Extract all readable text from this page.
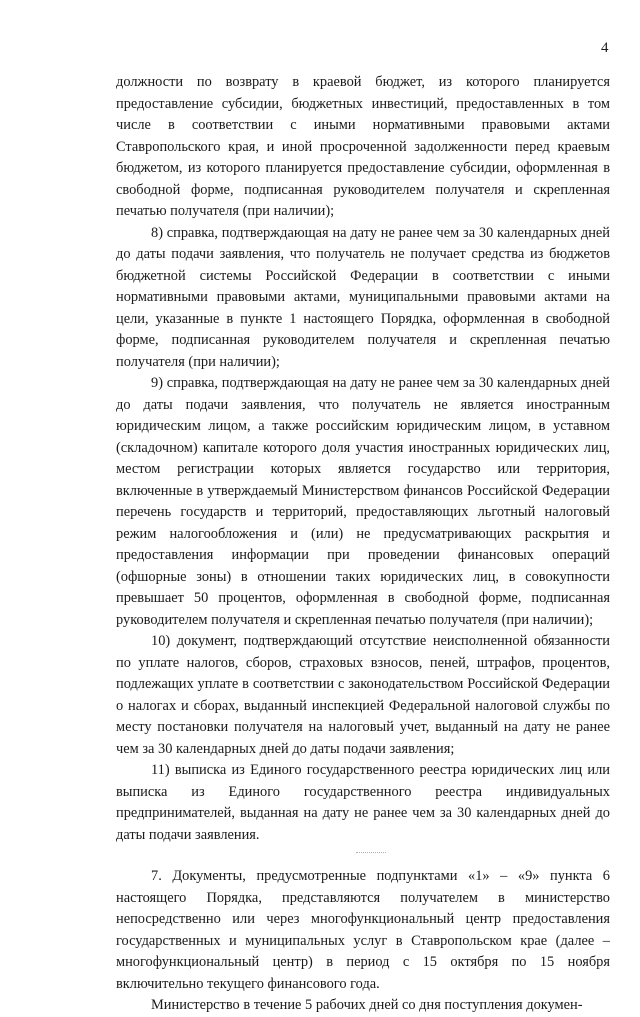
4

должности по возврату в краевой бюджет, из которого планируется предоставление субсидии, бюджетных инвестиций, предоставленных в том числе в соответствии с иными нормативными правовыми актами Ставропольского края, и иной просроченной задолженности перед краевым бюджетом, из которого планируется предоставление субсидии, оформленная в свободной форме, подписанная руководителем получателя и скрепленная печатью получателя (при наличии);

8) справка, подтверждающая на дату не ранее чем за 30 календарных дней до даты подачи заявления, что получатель не получает средства из бюджетов бюджетной системы Российской Федерации в соответствии с иными нормативными правовыми актами, муниципальными правовыми актами на цели, указанные в пункте 1 настоящего Порядка, оформленная в свободной форме, подписанная руководителем получателя и скрепленная печатью получателя (при наличии);

9) справка, подтверждающая на дату не ранее чем за 30 календарных дней до даты подачи заявления, что получатель не является иностранным юридическим лицом, а также российским юридическим лицом, в уставном (складочном) капитале которого доля участия иностранных юридических лиц, местом регистрации которых является государство или территория, включенные в утверждаемый Министерством финансов Российской Федерации перечень государств и территорий, предоставляющих льготный налоговый режим налогообложения и (или) не предусматривающих раскрытия и предоставления информации при проведении финансовых операций (офшорные зоны) в отношении таких юридических лиц, в совокупности превышает 50 процентов, оформленная в свободной форме, подписанная руководителем получателя и скрепленная печатью получателя (при наличии);

10) документ, подтверждающий отсутствие неисполненной обязанности по уплате налогов, сборов, страховых взносов, пеней, штрафов, процентов, подлежащих уплате в соответствии с законодательством Российской Федерации о налогах и сборах, выданный инспекцией Федеральной налоговой службы по месту постановки получателя на налоговый учет, выданный на дату не ранее чем за 30 календарных дней до даты подачи заявления;

11) выписка из Единого государственного реестра юридических лиц или выписка из Единого государственного реестра индивидуальных предпринимателей, выданная на дату не ранее чем за 30 календарных дней до даты подачи заявления.

7. Документы, предусмотренные подпунктами «1» – «9» пункта 6 настоящего Порядка, представляются получателем в министерство непосредственно или через многофункциональный центр предоставления государственных и муниципальных услуг в Ставропольском крае (далее – многофункциональный центр) в период с 15 октября по 15 ноября включительно текущего финансового года.

Министерство в течение 5 рабочих дней со дня поступления докумен-
